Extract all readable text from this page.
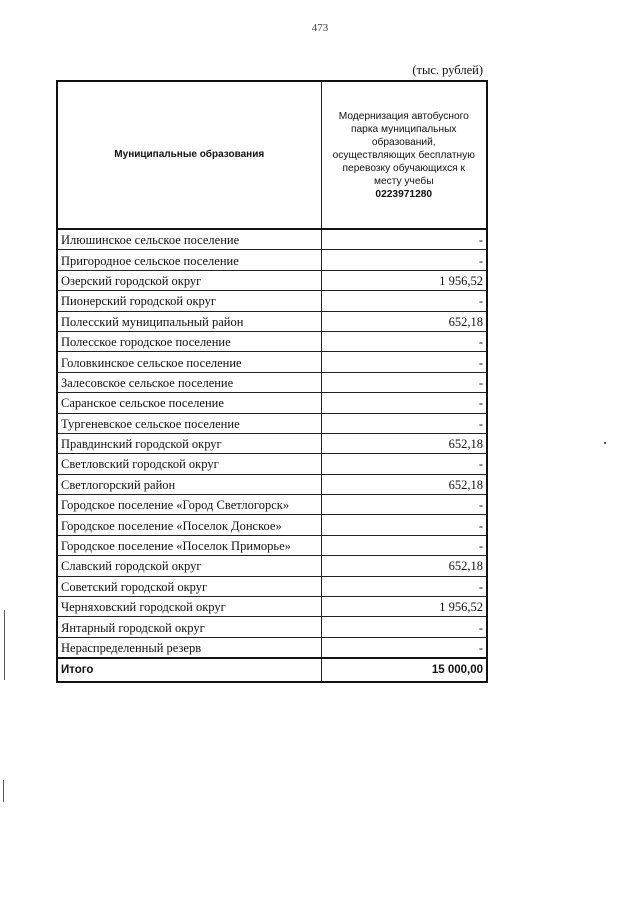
473
(тыс. рублей)
Муниципальные образования	Модернизация автобусного парка муниципальных образований, осуществляющих бесплатную перевозку обучающихся к месту учебы
0223971280

Илюшинское сельское поселение	-
Пригородное сельское поселение	-
Озерский городской округ	1 956,52
Пионерский городской округ	-
Полесский муниципальный район	652,18
Полесское городское поселение	-
Головкинское сельское поселение	-
Залесовское сельское поселение	-
Саранское сельское поселение	-
Тургеневское сельское поселение	-
Правдинский городской округ	652,18
Светловский городской округ	-
Светлогорский район	652,18
Городское поселение «Город Светлогорск»	-
Городское поселение «Поселок Донское»	-
Городское поселение «Поселок Приморье»	-
Славский городской округ	652,18
Советский городской округ	-
Черняховский городской округ	1 956,52
Янтарный городской округ	-
Нераспределенный резерв	-
Итого	15 000,00
